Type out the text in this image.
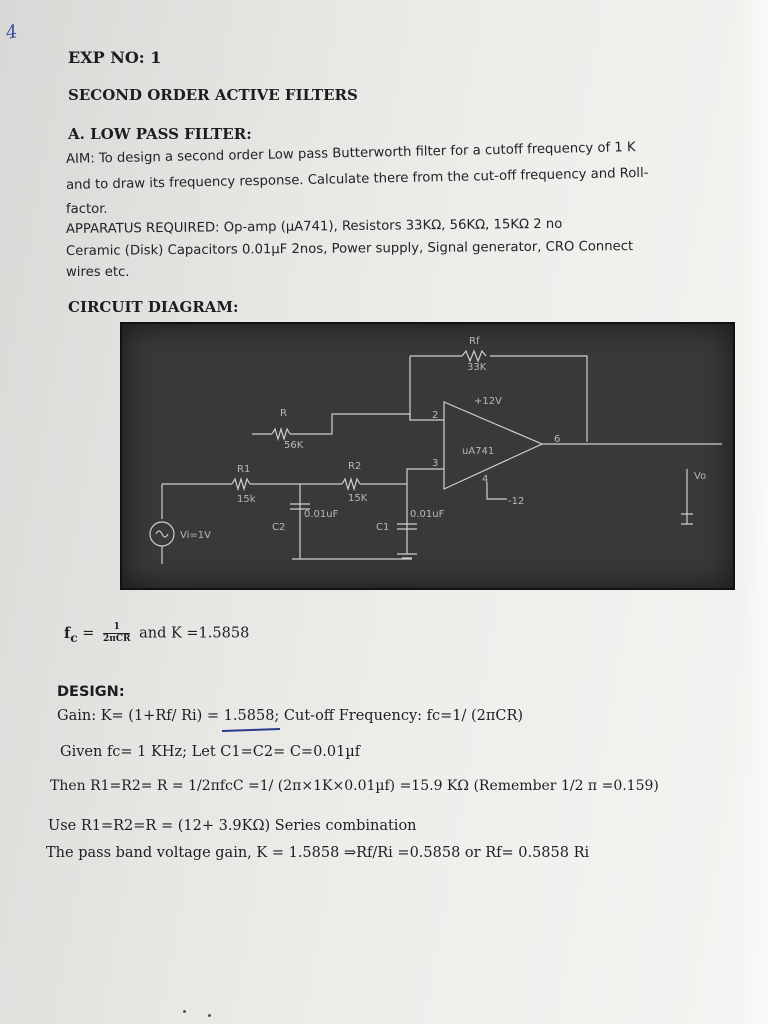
4
EXP NO: 1
SECOND ORDER ACTIVE FILTERS
A. LOW PASS FILTER:
AIM: To design a second order Low pass Butterworth filter for a cutoff frequency of 1 K
and to draw its frequency response. Calculate there from the cut-off frequency and Roll-
factor.
APPARATUS REQUIRED: Op-amp (µA741), Resistors 33KΩ, 56KΩ, 15KΩ 2 no
Ceramic (Disk) Capacitors 0.01µF 2nos, Power supply, Signal generator, CRO Connect
wires etc.
CIRCUIT DIAGRAM:
Rf
33K
+12V
R
56K
R1
15k
R2
15K
0.01uF	0.01uF
C2	C1
uA741
6
-12
2
3
4	Vo
Vi=1V
$f_c = \frac{1}{\text{2πCR}}$ and K =1.5858
DESIGN:
Gain: K= (1+Rf/ Ri) = 1.5858; Cut-off Frequency: fc=1/ (2πCR)
Given fc= 1 KHz; Let C1=C2= C=0.01µf
Then R1=R2= R = 1/2πfcC =1/ (2π×1K×0.01µf) =15.9 KΩ (Remember 1/2 π =0.159)
Use R1=R2=R = (12+ 3.9KΩ) Series combination
The pass band voltage gain, K = 1.5858 ⇒Rf/Ri =0.5858 or Rf= 0.5858 Ri
